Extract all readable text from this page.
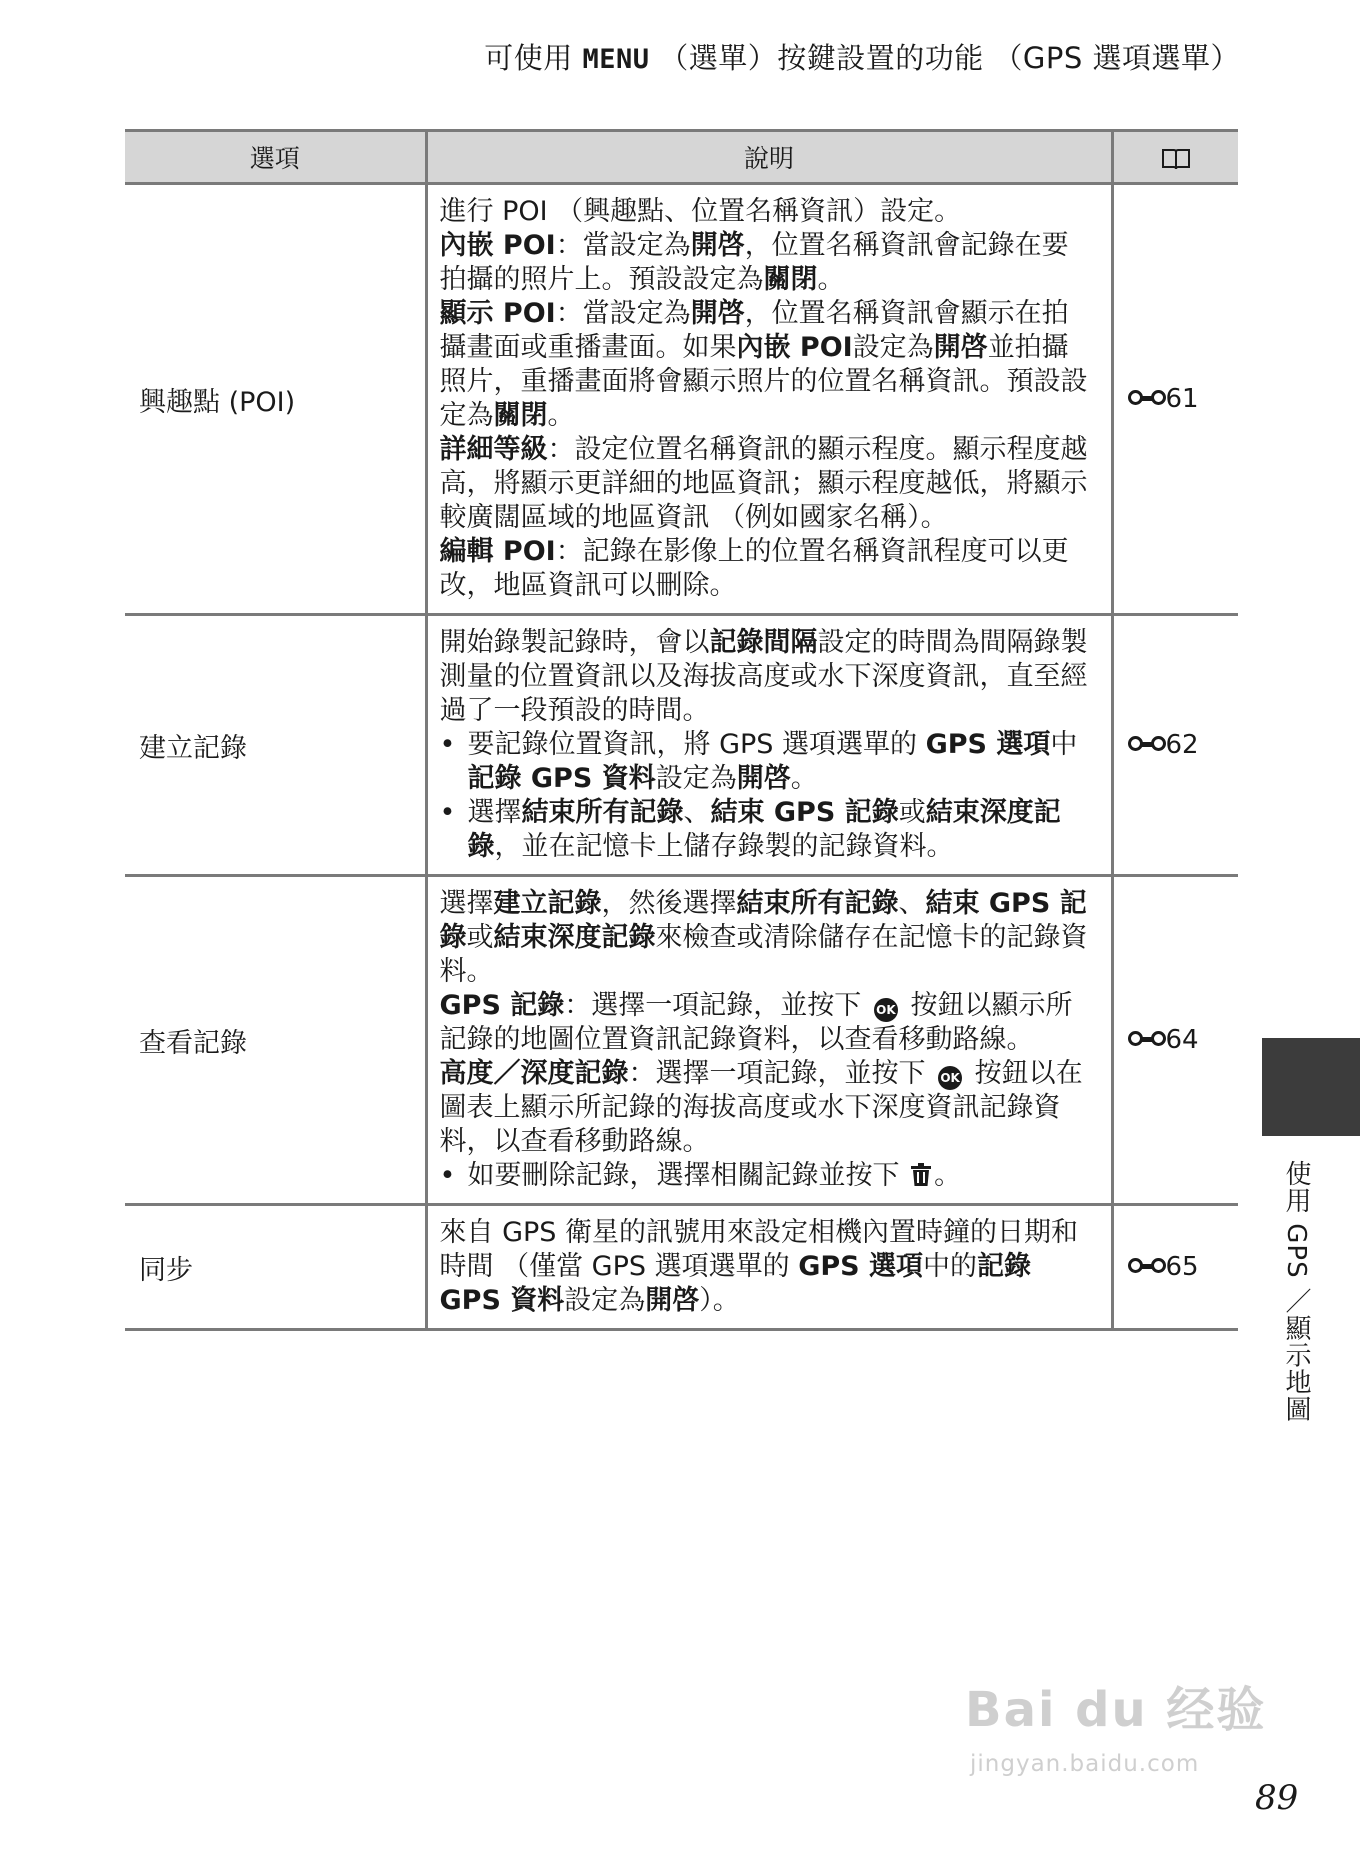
可使用 MENU （選單）按鍵設置的功能 （GPS 選項選單）
選項	說明	
興趣點 (POI)	進行 POI （興趣點、位置名稱資訊）設定。

內嵌 POI：當設定為開啓，位置名稱資訊會記錄在要拍攝的照片上。預設設定為關閉。

顯示 POI：當設定為開啓，位置名稱資訊會顯示在拍攝畫面或重播畫面。如果內嵌 POI設定為開啓並拍攝照片，重播畫面將會顯示照片的位置名稱資訊。預設設定為關閉。

詳細等級：設定位置名稱資訊的顯示程度。顯示程度越高，將顯示更詳細的地區資訊；顯示程度越低，將顯示較廣闊區域的地區資訊 （例如國家名稱）。

編輯 POI：記錄在影像上的位置名稱資訊程度可以更改，地區資訊可以刪除。	61
建立記錄	開始錄製記錄時，會以記錄間隔設定的時間為間隔錄製測量的位置資訊以及海拔高度或水下深度資訊，直至經過了一段預設的時間。

• 要記錄位置資訊，將 GPS 選項選單的 GPS 選項中記錄 GPS 資料設定為開啓。

• 選擇結束所有記錄、結束 GPS 記錄或結束深度記錄，並在記憶卡上儲存錄製的記錄資料。	62
查看記錄	選擇建立記錄，然後選擇結束所有記錄、結束 GPS 記錄或結束深度記錄來檢查或清除儲存在記憶卡的記錄資料。

GPS 記錄：選擇一項記錄，並按下 OK 按鈕以顯示所記錄的地圖位置資訊記錄資料，以查看移動路線。

高度／深度記錄：選擇一項記錄，並按下 OK 按鈕以在圖表上顯示所記錄的海拔高度或水下深度資訊記錄資料，以查看移動路線。

• 如要刪除記錄，選擇相關記錄並按下 。	64
同步	來自 GPS 衛星的訊號用來設定相機內置時鐘的日期和時間 （僅當 GPS 選項選單的 GPS 選項中的記錄 GPS 資料設定為開啓）。	65	使用 GPS ／顯示地圖
Bai du 经验
jingyan.baidu.com
89
